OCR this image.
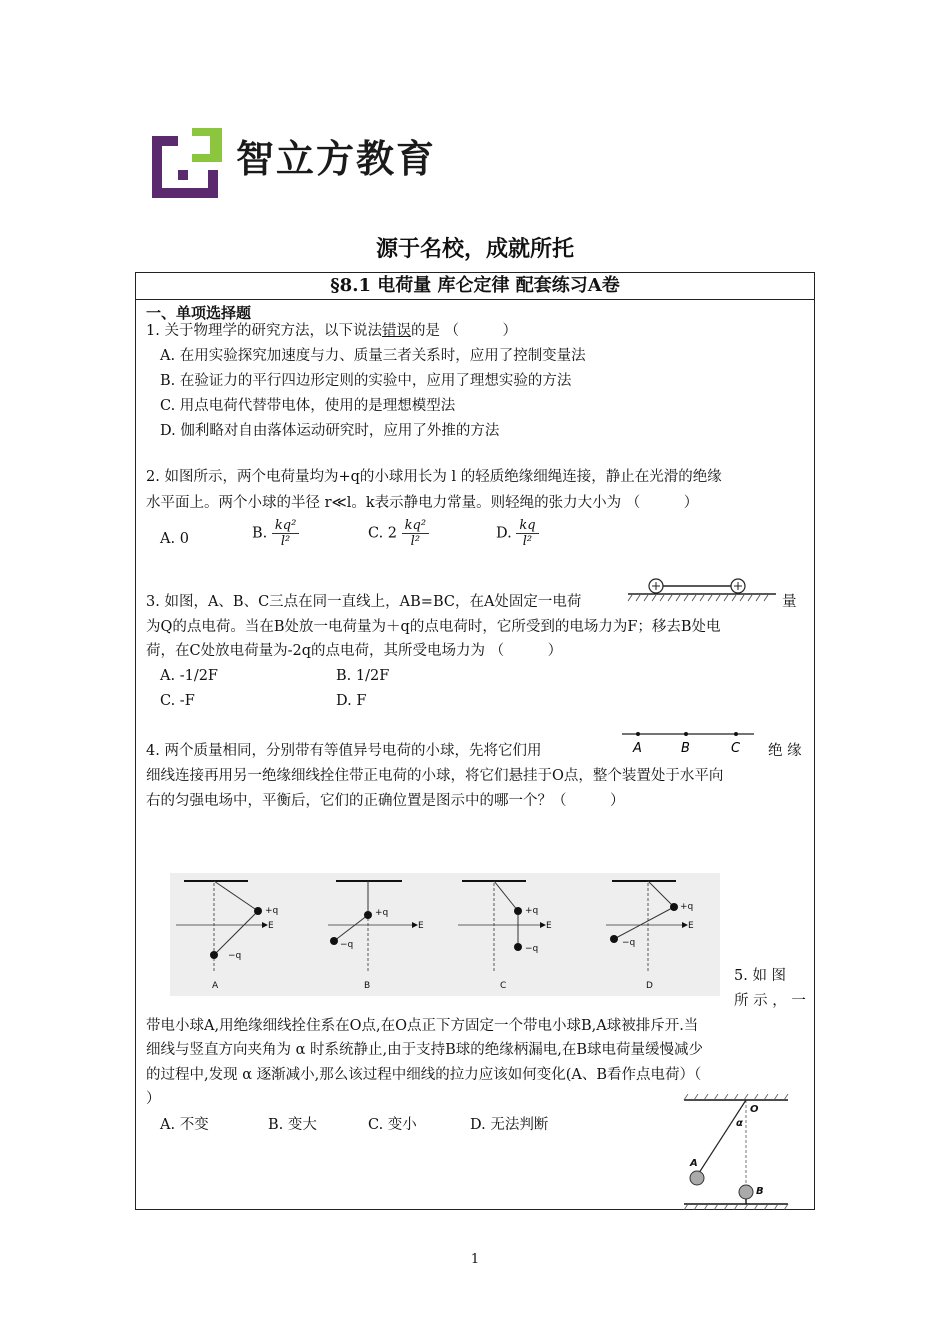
智立方教育
源于名校，成就所托
§8.1 电荷量 库仑定律 配套练习A卷
一、单项选择题
1. 关于物理学的研究方法，以下说法错误的是 （　　　）
A. 在用实验探究加速度与力、质量三者关系时，应用了控制变量法
B. 在验证力的平行四边形定则的实验中，应用了理想实验的方法
C. 用点电荷代替带电体，使用的是理想模型法
D. 伽利略对自由落体运动研究时，应用了外推的方法
2. 如图所示，两个电荷量均为+q的小球用长为 l 的轻质绝缘细绳连接，静止在光滑的绝缘
水平面上。两个小球的半径 r≪l。k表示静电力常量。则轻绳的张力大小为 （　　　）
A. 0	B. $\frac{\text{kq²}}{\text{l²}}$	C. $2 \frac{\text{kq²}}{\text{l²}}$	D. $\frac{kq}{\text{l²}}$
3. 如图，A、B、C三点在同一直线上，AB=BC，在A处固定一电荷	量
为Q的点电荷。当在B处放一电荷量为＋q的点电荷时，它所受到的电场力为F；移去B处电
荷，在C处放电荷量为-2q的点电荷，其所受电场力为 （　　　）
A. -1/2F	B. 1/2F
C. -F	D. F
A	B	C
4. 两个质量相同，分别带有等值异号电荷的小球，先将它们用	绝 缘
细线连接再用另一绝缘细线拴住带正电荷的小球，将它们悬挂于O点，整个装置处于水平向
右的匀强电场中，平衡后，它们的正确位置是图示中的哪一个？（　　　）
+q
−q
E
A
+q
−q
E
B
+q
−q
E
C
+q
−q
E
D
5. 如 图
所 示 ， 一
带电小球A,用绝缘细线拴住系在O点,在O点正下方固定一个带电小球B,A球被排斥开.当
细线与竖直方向夹角为 α 时系统静止,由于支持B球的绝缘柄漏电,在B球电荷量缓慢减少
的过程中,发现 α 逐渐减小,那么该过程中细线的拉力应该如何变化(A、B看作点电荷）（
）
A. 不变	B. 变大	C. 变小	D. 无法判断
O
α
A
B
1
